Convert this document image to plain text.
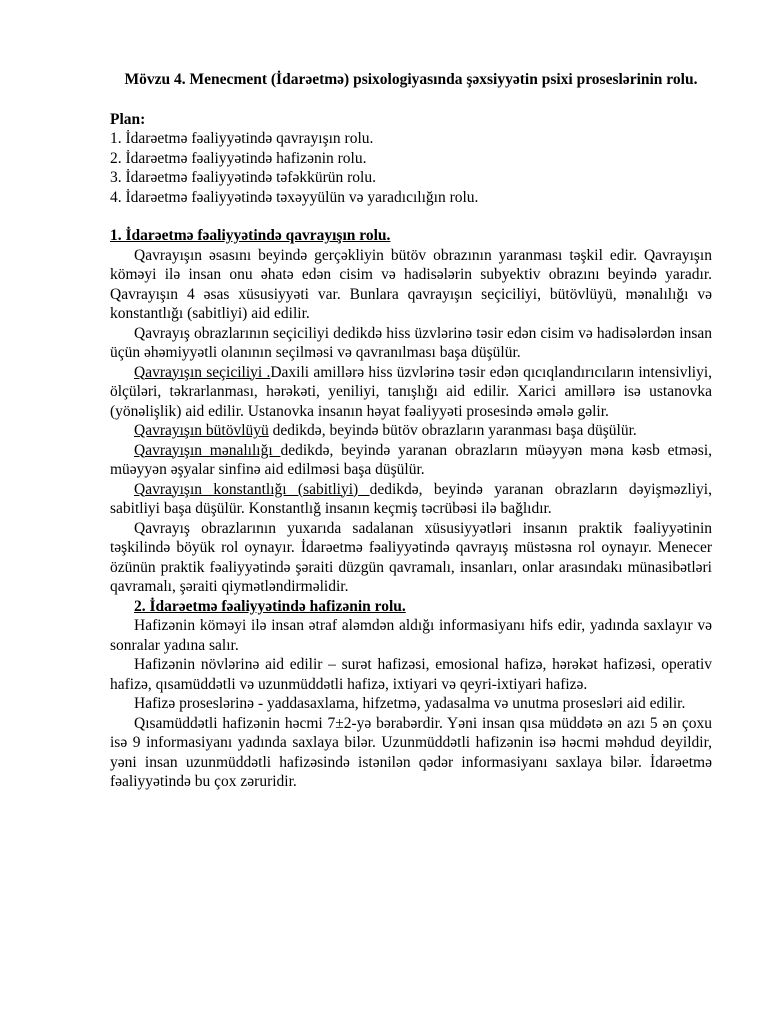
Mövzu 4. Menecment (İdarəetmə) psixologiyasında şəxsiyyətin psixi proseslərinin rolu.
Plan:
1. İdarəetmə fəaliyyətində qavrayışın rolu.
2. İdarəetmə fəaliyyətində hafizənin rolu.
3. İdarəetmə fəaliyyətində təfəkkürün rolu.
4. İdarəetmə fəaliyyətində təxəyyülün və yaradıcılığın rolu.
1. İdarəetmə fəaliyyətində qavrayışın rolu.

Qavrayışın əsasını beyində gerçəkliyin bütöv obrazının yaranması təşkil edir. Qavrayışın köməyi ilə insan onu əhatə edən cisim və hadisələrin subyektiv obrazını beyində yaradır. Qavrayışın 4 əsas xüsusiyyəti var. Bunlara qavrayışın seçiciliyi, bütövlüyü, mənalılığı və konstantlığı (sabitliyi) aid edilir.

Qavrayış obrazlarının seçiciliyi dedikdə hiss üzvlərinə təsir edən cisim və hadisələrdən insan üçün əhəmiyyətli olanının seçilməsi və qavranılması başa düşülür.

Qavrayışın seçiciliyi .Daxili amillərə hiss üzvlərinə təsir edən qıcıqlandırıcıların intensivliyi, ölçüləri, təkrarlanması, hərəkəti, yeniliyi, tanışlığı aid edilir. Xarici amillərə isə ustanovka (yönəlişlik) aid edilir. Ustanovka insanın həyat fəaliyyəti prosesində əmələ gəlir.

Qavrayışın bütövlüyü dedikdə, beyində bütöv obrazların yaranması başa düşülür.

Qavrayışın mənalılığı dedikdə, beyində yaranan obrazların müəyyən məna kəsb etməsi, müəyyən əşyalar sinfinə aid edilməsi başa düşülür.

Qavrayışın konstantlığı (sabitliyi) dedikdə, beyində yaranan obrazların dəyişməzliyi, sabitliyi başa düşülür. Konstantlığ insanın keçmiş təcrübəsi ilə bağlıdır.

Qavrayış obrazlarının yuxarıda sadalanan xüsusiyyətləri insanın praktik fəaliyyətinin təşkilində böyük rol oynayır. İdarəetmə fəaliyyətində qavrayış müstəsna rol oynayır. Menecer özünün praktik fəaliyyətində şəraiti düzgün qavramalı, insanları, onlar arasındakı münasibətləri qavramalı, şəraiti qiymətləndirməlidir.

2. İdarəetmə fəaliyyətində hafizənin rolu.

Hafizənin köməyi ilə insan ətraf aləmdən aldığı informasiyanı hifs edir, yadında saxlayır və sonralar yadına salır.

Hafizənin növlərinə aid edilir – surət hafizəsi, emosional hafizə, hərəkət hafizəsi, operativ hafizə, qısamüddətli və uzunmüddətli hafizə, ixtiyari və qeyri-ixtiyari hafizə.

Hafizə proseslərinə - yaddasaxlama, hifzetmə, yadasalma və unutma prosesləri aid edilir.

Qısamüddətli hafizənin həcmi 7±2-yə bərabərdir. Yəni insan qısa müddətə ən azı 5 ən çoxu isə 9 informasiyanı yadında saxlaya bilər. Uzunmüddətli hafizənin isə həcmi məhdud deyildir, yəni insan uzunmüddətli hafizəsində istənilən qədər informasiyanı saxlaya bilər. İdarəetmə fəaliyyətində bu çox zəruridir.
